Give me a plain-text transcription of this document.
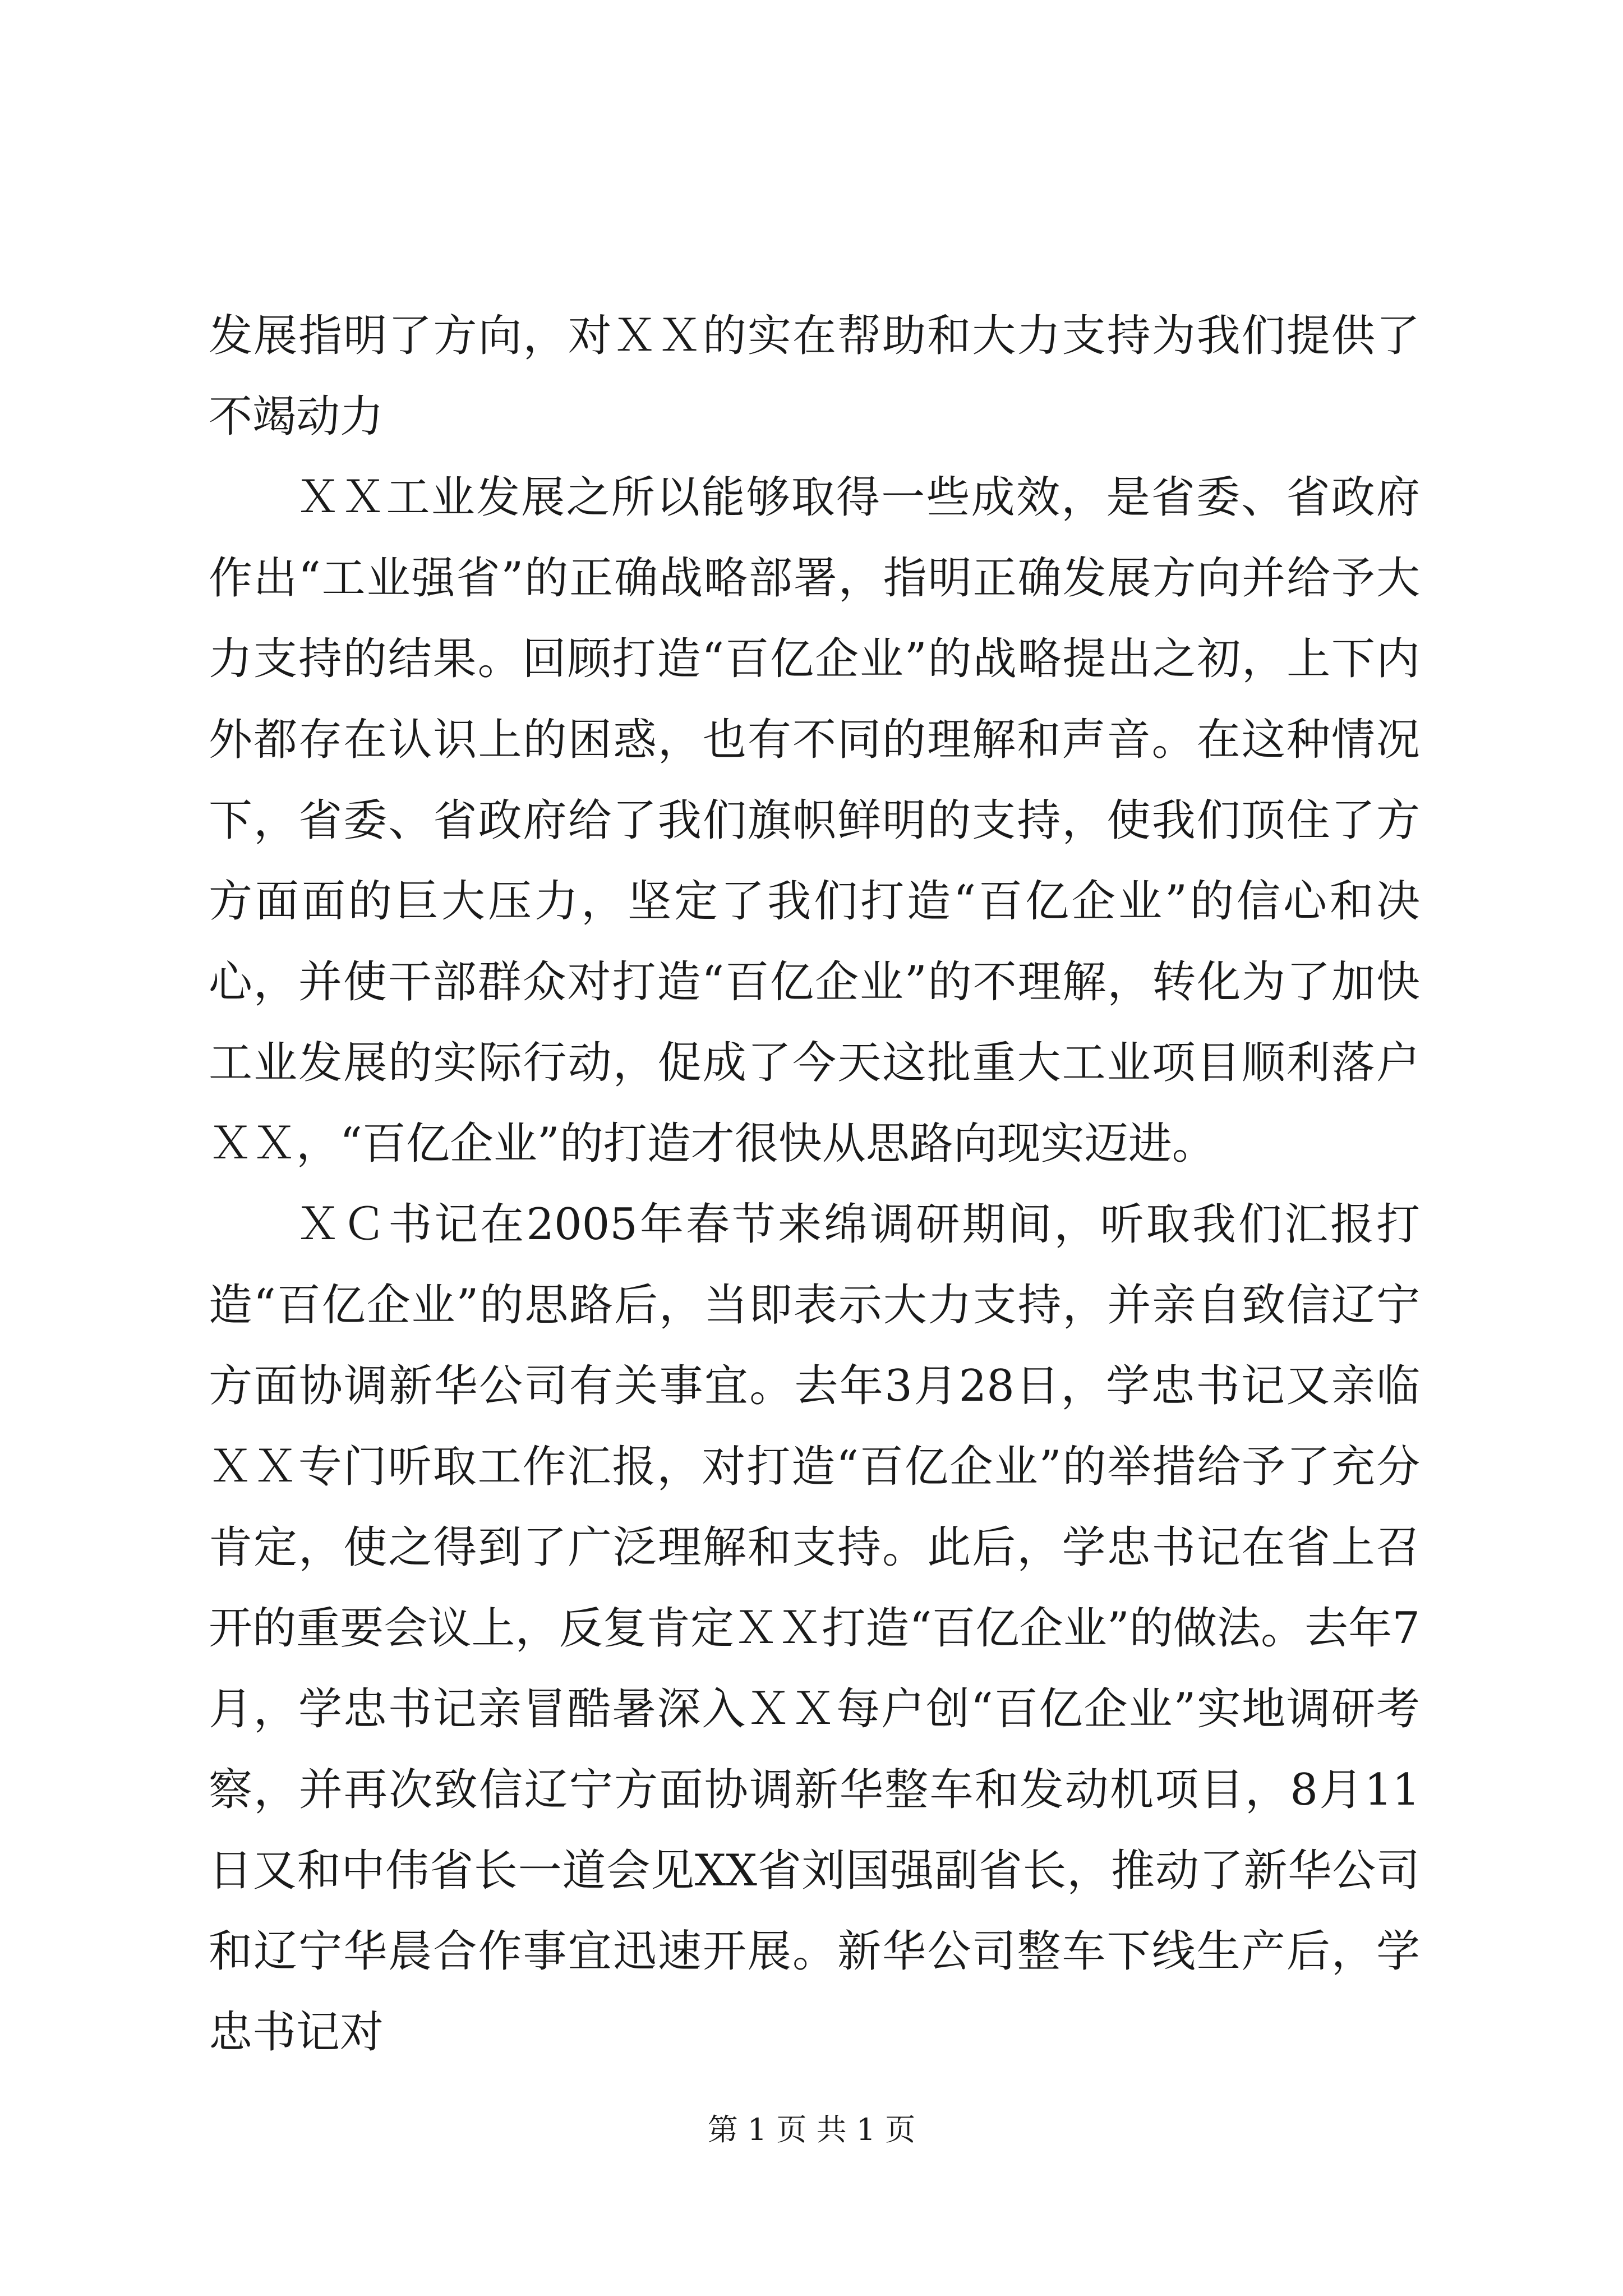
发展指明了方向，对ＸＸ的实在帮助和大力支持为我们提供了不竭动力

ＸＸ工业发展之所以能够取得一些成效，是省委、省政府作出“工业强省”的正确战略部署，指明正确发展方向并给予大力支持的结果。回顾打造“百亿企业”的战略提出之初，上下内外都存在认识上的困惑，也有不同的理解和声音。在这种情况下，省委、省政府给了我们旗帜鲜明的支持，使我们顶住了方方面面的巨大压力，坚定了我们打造“百亿企业”的信心和决心，并使干部群众对打造“百亿企业”的不理解，转化为了加快工业发展的实际行动，促成了今天这批重大工业项目顺利落户ＸＸ，“百亿企业”的打造才很快从思路向现实迈进。

ＸＣ书记在2005年春节来绵调研期间，听取我们汇报打造“百亿企业”的思路后，当即表示大力支持，并亲自致信辽宁方面协调新华公司有关事宜。去年3月28日，学忠书记又亲临ＸＸ专门听取工作汇报，对打造“百亿企业”的举措给予了充分肯定，使之得到了广泛理解和支持。此后，学忠书记在省上召开的重要会议上，反复肯定ＸＸ打造“百亿企业”的做法。去年7月，学忠书记亲冒酷暑深入ＸＸ每户创“百亿企业”实地调研考察，并再次致信辽宁方面协调新华整车和发动机项目，8月11日又和中伟省长一道会见XX省刘国强副省长，推动了新华公司和辽宁华晨合作事宜迅速开展。新华公司整车下线生产后，学忠书记对

第 1 页 共 1 页
